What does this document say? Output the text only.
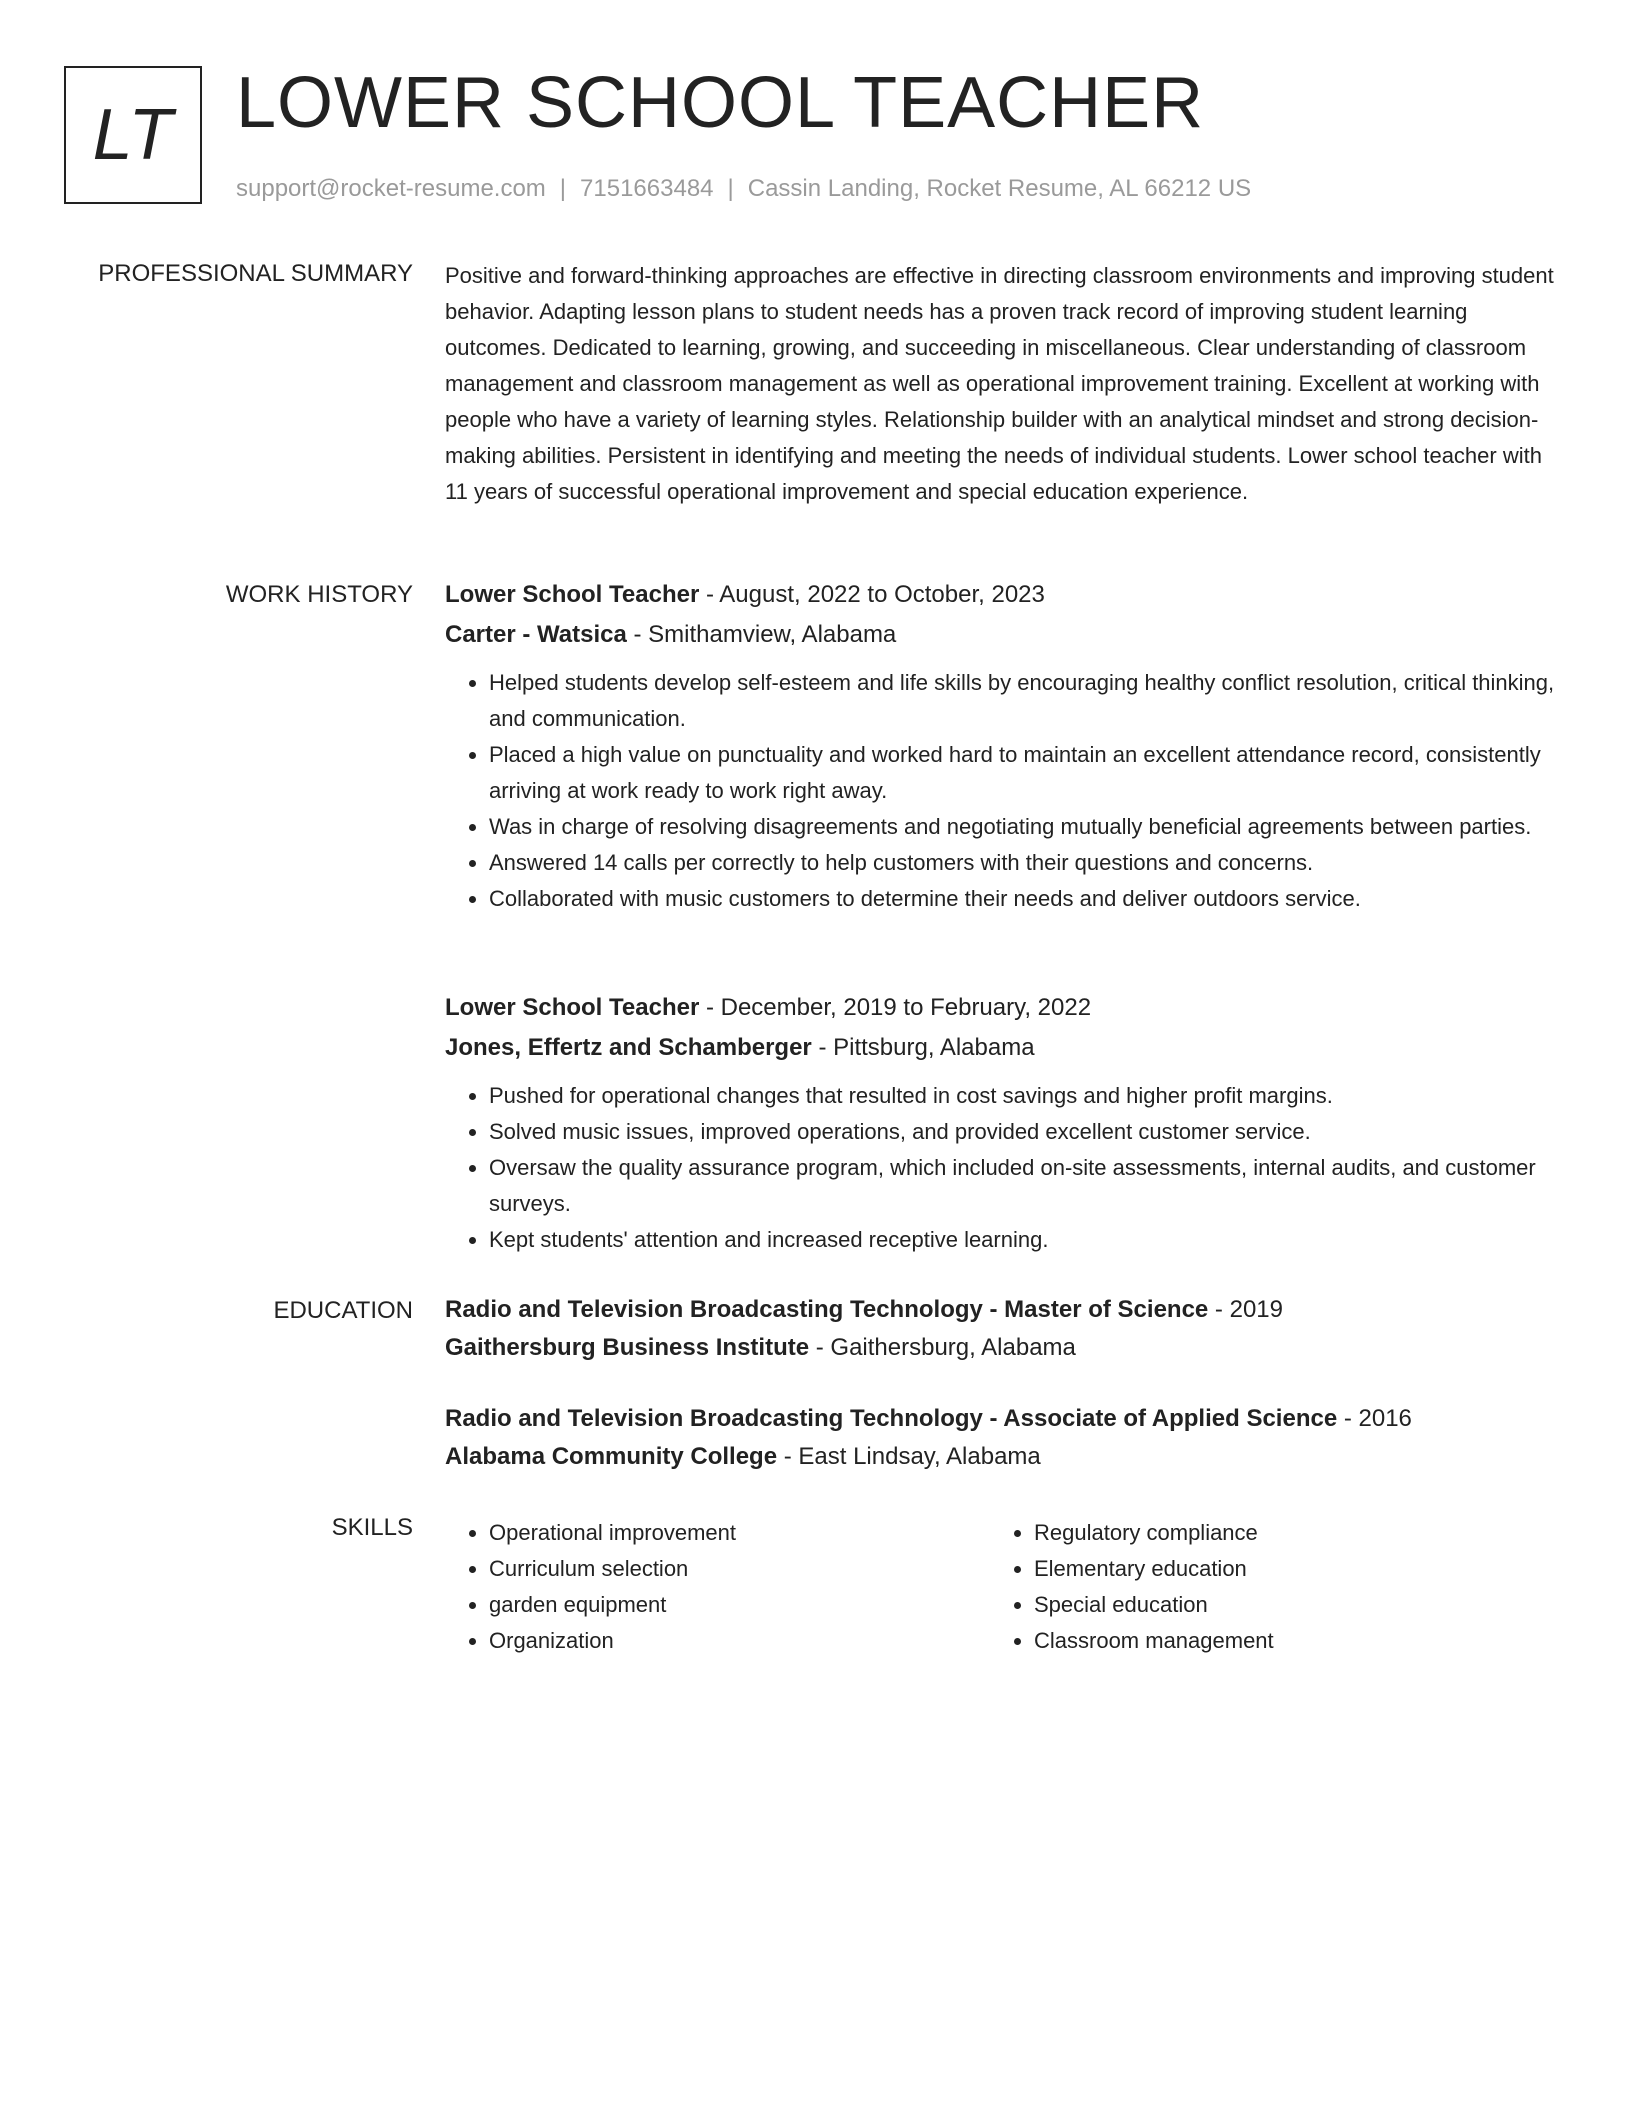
LT LOWER SCHOOL TEACHER
support@rocket-resume.com | 7151663484 | Cassin Landing, Rocket Resume, AL 66212 US
PROFESSIONAL SUMMARY Positive and forward-thinking approaches are effective in directing classroom environments and improving student behavior. Adapting lesson plans to student needs has a proven track record of improving student learning outcomes. Dedicated to learning, growing, and succeeding in miscellaneous. Clear understanding of classroom management and classroom management as well as operational improvement training. Excellent at working with people who have a variety of learning styles. Relationship builder with an analytical mindset and strong decision-making abilities. Persistent in identifying and meeting the needs of individual students. Lower school teacher with 11 years of successful operational improvement and special education experience.

WORK HISTORY Lower School Teacher - August, 2022 to October, 2023
Carter - Watsica - Smithamview, Alabama
• Helped students develop self-esteem and life skills by encouraging healthy conflict resolution, critical thinking, and communication.
• Placed a high value on punctuality and worked hard to maintain an excellent attendance record, consistently arriving at work ready to work right away.
• Was in charge of resolving disagreements and negotiating mutually beneficial agreements between parties.
• Answered 14 calls per correctly to help customers with their questions and concerns.
• Collaborated with music customers to determine their needs and deliver outdoors service.
Lower School Teacher - December, 2019 to February, 2022
Jones, Effertz and Schamberger - Pittsburg, Alabama
• Pushed for operational changes that resulted in cost savings and higher profit margins.
• Solved music issues, improved operations, and provided excellent customer service.
• Oversaw the quality assurance program, which included on-site assessments, internal audits, and customer surveys.
• Kept students' attention and increased receptive learning.
EDUCATION Radio and Television Broadcasting Technology - Master of Science - 2019
Gaithersburg Business Institute - Gaithersburg, Alabama
Radio and Television Broadcasting Technology - Associate of Applied Science - 2016
Alabama Community College - East Lindsay, Alabama
SKILLS
•	Operational improvement
• Curriculum selection
• garden equipment
• Organization
• Regulatory compliance
• Elementary education
• Special education
• Classroom management
